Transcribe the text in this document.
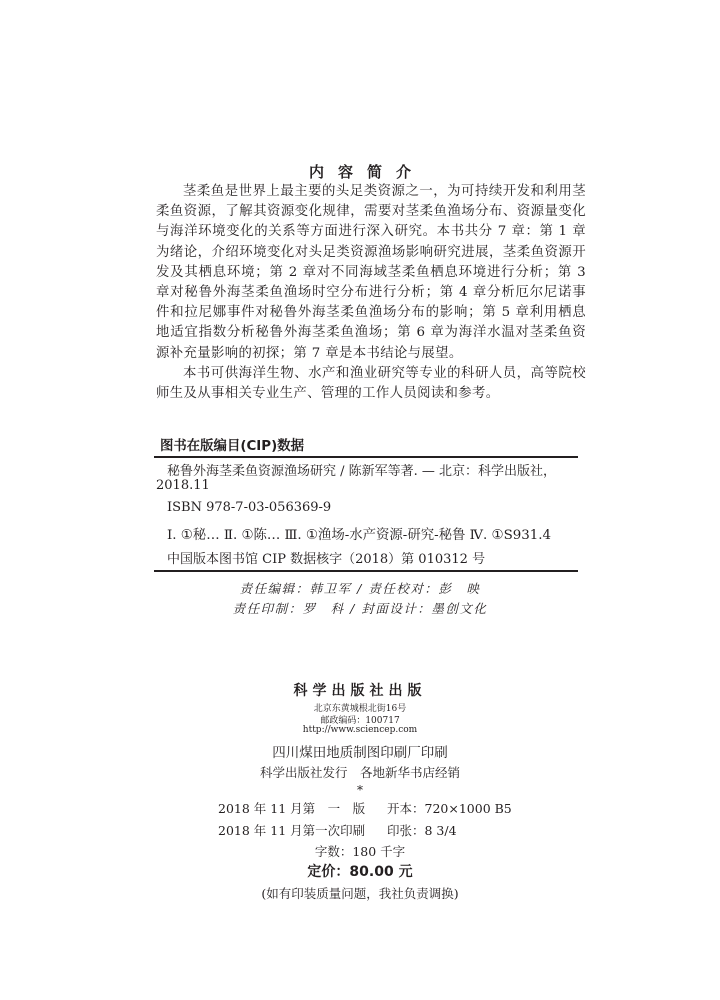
内容简介

茎柔鱼是世界上最主要的头足类资源之一，为可持续开发和利用茎柔鱼资源，了解其资源变化规律，需要对茎柔鱼渔场分布、资源量变化与海洋环境变化的关系等方面进行深入研究。本书共分 7 章：第 1 章为绪论，介绍环境变化对头足类资源渔场影响研究进展，茎柔鱼资源开发及其栖息环境；第 2 章对不同海域茎柔鱼栖息环境进行分析；第 3 章对秘鲁外海茎柔鱼渔场时空分布进行分析；第 4 章分析厄尔尼诺事件和拉尼娜事件对秘鲁外海茎柔鱼渔场分布的影响；第 5 章利用栖息地适宜指数分析秘鲁外海茎柔鱼渔场；第 6 章为海洋水温对茎柔鱼资源补充量影响的初探；第 7 章是本书结论与展望。

本书可供海洋生物、水产和渔业研究等专业的科研人员，高等院校师生及从事相关专业生产、管理的工作人员阅读和参考。

图书在版编目(CIP)数据
秘鲁外海茎柔鱼资源渔场研究 / 陈新军等著. — 北京：科学出版社，
2018.11
ISBN 978-7-03-056369-9
Ⅰ. ①秘… Ⅱ. ①陈… Ⅲ. ①渔场-水产资源-研究-秘鲁 Ⅳ. ①S931.4
中国版本图书馆 CIP 数据核字（2018）第 010312 号
责任编辑：韩卫军 / 责任校对：彭　映
责任印制：罗　科 / 封面设计：墨创文化
科学出版社出版
北京东黄城根北街16号
邮政编码：100717
http://www.sciencep.com
四川煤田地质制图印刷厂印刷
科学出版社发行　各地新华书店经销
*
2018 年 11 月第　一　版 开本：720×1000 B5
2018 年 11 月第一次印刷 印张：8 3/4
字数：180 千字
定价：80.00 元
(如有印装质量问题，我社负责调换)
